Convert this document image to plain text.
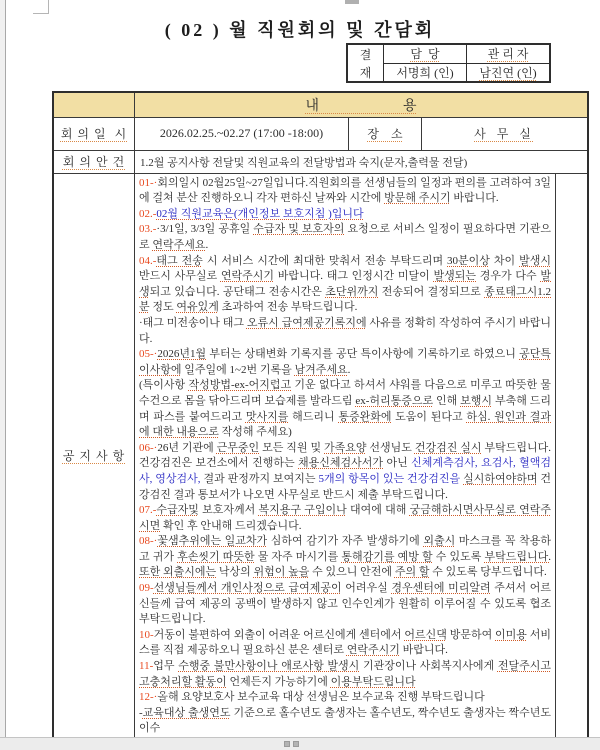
( 02 ) 월 직원회의 및 간담회
결
재
담  당	관 리 자
서명희 (인)	남진연 (인)
내　　　　　　용
회 의 일  시	2026.02.25.~02.27 (17:00 -18:00)	장　소	사 무 실
회 의 안 건	1.2월 공지사항 전달및 직원교육의 전달방법과 숙지(문자,출력물 전달)
공 지 사 항

01-·회의일시 02월25일~27일입니다.직원회의를 선생님들의 일정과 편의를 고려하여 3일에 걸쳐 분산 진행하오니 각자 편하신 날짜와 시간에 방문해 주시기 바랍니다.

02.-02월 직원교육은(개인정보 보호지침 )입니다

03.-·3/1일, 3/3일 공휴일 수급자 및 보호자의 요청으로 서비스 일정이 필요하다면 기관으로 연락주세요.

04.-태그 전송 시 서비스 시간에 최대한 맞춰서 전송 부탁드리며 30분이상 차이 발생시 반드시 사무실로 연락주시기 바랍니다. 태그 인정시간 미달이 발생되는 경우가 다수 발생되고 있습니다. 공단태그 전송시간은 초단위까지 전송되어 결정되므로 종료태그시1.2분 정도 여유있게 초과하여 전송 부탁드립니다.

·태그 미전송이나 태그 오류시 급여제공기록지에 사유를 정확히 작성하여 주시기 바랍니다.

05-·2026년1월 부터는 상태변화 기록지를 공단 특이사항에 기록하기로 하였으니 공단특이사항에 일주일에 1~2번 기록을 남겨주세요.

(특이사항 작성방법-ex-어지럽고 기운 없다고 하셔서 샤워를 다음으로 미루고 따뜻한 물수건으로 몸을 닦아드리며 보습제를 발라드림 ex-허리통증으로 인해 보행시 부축해 드리며 파스를 붙여드리고 맛사지를 해드리니 통증완화에 도움이 된다고 하심. 원인과 결과에 대한 내용으로 작성해 주세요)

06-·26년 기관에 근무중인 모든 직원 및 가족요양 선생님도 건강검진 실시 부탁드립니다. 건강검진은 보건소에서 진행하는 채용신체검사서가 아닌 신체계측검사, 요검사, 혈액검사, 영상검사, 결과 판정까지 보여지는 5개의 항목이 있는 건강검진을 실시하여야하며 건강검진 결과 통보서가 나오면 사무실로 반드시 제출 부탁드립니다.

07.-수급자및 보호자께서 복지용구 구입이나 대여에 대해 궁금해하시면사무실로 연락주시면 확인 후 안내해 드리겠습니다.

08-·꽃샘추위에는 일교차가 심하여 감기가 자주 발생하기에 외출시 마스크를 꼭 착용하고 귀가 후손씻기 따뜻한 물 자주 마시기를 통해감기를 예방 할 수 있도록 부탁드립니다.또한 외출시에는 낙상의 위험이 높을 수 있으니 안전에 주의 할 수 있도록 당부드립니다.

09-선생님들께서 개인사정으로 급여제공이 어려우실 경우센터에 미리알려 주셔서 어르신들께 급여 제공의 공백이 발생하지 않고 인수인계가 원활히 이루어질 수 있도록 협조 부탁드립니다.

10-거동이 불편하여 외출이 어려운 어르신에게 센터에서 어르신댁 방문하여 이미용 서비스를 직접 제공하오니 필요하신 분은 센터로 연락주시기 바랍니다.

11-업무 수행중 불만사항이나 애로사항 발생시 기관장이나 사회복지사에게 전달주시고 고충처리할 활동이 언제든지 가능하기에 이용부탁드립니다

12-·올해 요양보호사 보수교육 대상 선생님은 보수교육 진행 부탁드립니다

-교육대상 출생연도 기준으로 홀수년도 출생자는 홀수년도, 짝수년도 출생자는 짝수년도 이수
